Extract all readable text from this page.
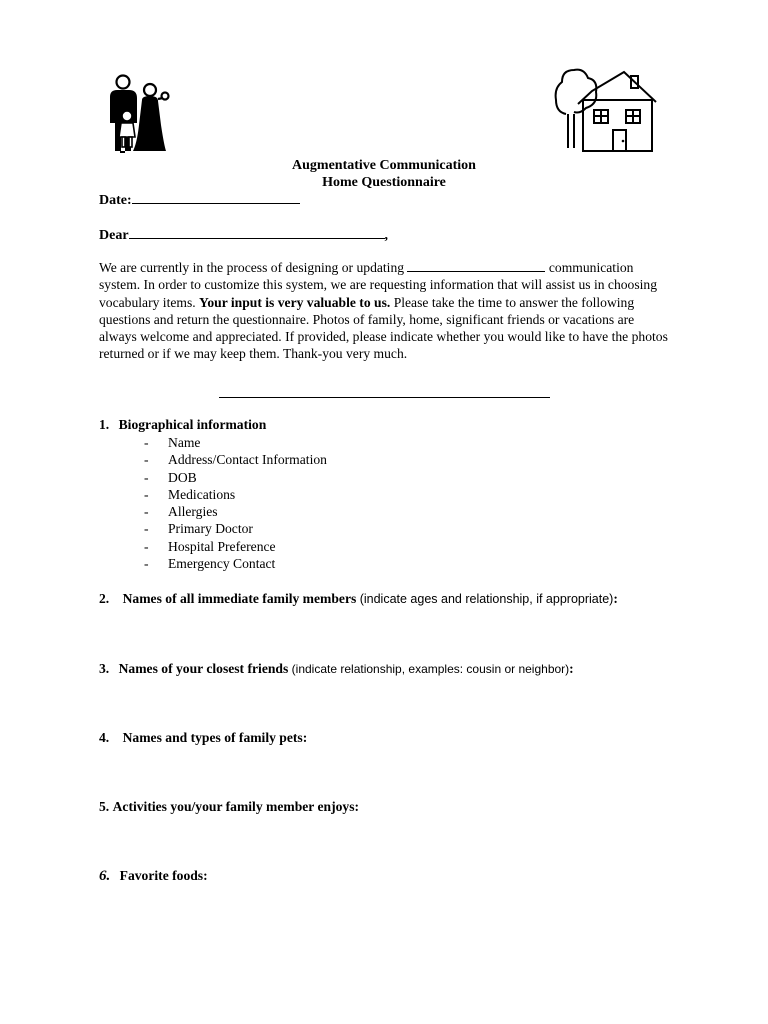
Augmentative Communication
Home Questionnaire
Date:
Dear	,
We are currently in the process of designing or updating	communication system. In order to customize this system, we are requesting information that will assist us in choosing vocabulary items. Your input is very valuable to us. Please take the time to answer the following questions and return the questionnaire. Photos of family, home, significant friends or vacations are always welcome and appreciated. If provided, please indicate whether you would like to have the photos returned or if we may keep them. Thank-you very much.
1. Biographical information
- Name
- Address/Contact Information
- DOB
- Medications
- Allergies
- Primary Doctor
- Hospital Preference
- Emergency Contact
2. Names of all immediate family members (indicate ages and relationship, if appropriate):
3. Names of your closest friends (indicate relationship, examples: cousin or neighbor):
4. Names and types of family pets:
5. Activities you/your family member enjoys:
6. Favorite foods:
